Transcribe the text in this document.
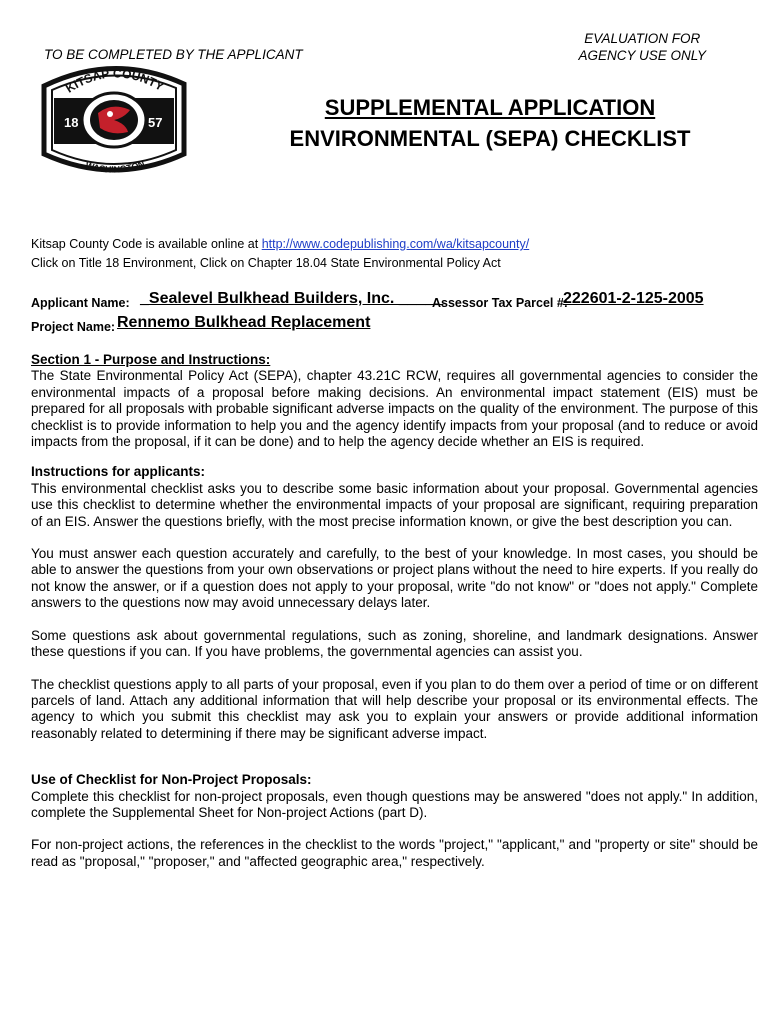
TO BE COMPLETED BY THE APPLICANT
EVALUATION FOR
AGENCY USE ONLY
18	57
KITSAP COUNTY
WASHINGTON
SUPPLEMENTAL APPLICATION
ENVIRONMENTAL (SEPA) CHECKLIST
Kitsap County Code is available online at http://www.codepublishing.com/wa/kitsapcounty/
Click on Title 18 Environment, Click on Chapter 18.04 State Environmental Policy Act
Applicant Name: _Sealevel Bulkhead Builders, Inc. _____
Assessor Tax Parcel #:
222601-2-125-2005
Project Name: Rennemo Bulkhead Replacement
Section 1 - Purpose and Instructions:
The State Environmental Policy Act (SEPA), chapter 43.21C RCW, requires all governmental agencies to consider the environmental impacts of a proposal before making decisions. An environmental impact statement (EIS) must be prepared for all proposals with probable significant adverse impacts on the quality of the environment. The purpose of this checklist is to provide information to help you and the agency identify impacts from your proposal (and to reduce or avoid impacts from the proposal, if it can be done) and to help the agency decide whether an EIS is required.
Instructions for applicants:
This environmental checklist asks you to describe some basic information about your proposal. Governmental agencies use this checklist to determine whether the environmental impacts of your proposal are significant, requiring preparation of an EIS. Answer the questions briefly, with the most precise information known, or give the best description you can.
You must answer each question accurately and carefully, to the best of your knowledge. In most cases, you should be able to answer the questions from your own observations or project plans without the need to hire experts. If you really do not know the answer, or if a question does not apply to your proposal, write "do not know" or "does not apply." Complete answers to the questions now may avoid unnecessary delays later.
Some questions ask about governmental regulations, such as zoning, shoreline, and landmark designations. Answer these questions if you can. If you have problems, the governmental agencies can assist you.
The checklist questions apply to all parts of your proposal, even if you plan to do them over a period of time or on different parcels of land. Attach any additional information that will help describe your proposal or its environmental effects. The agency to which you submit this checklist may ask you to explain your answers or provide additional information reasonably related to determining if there may be significant adverse impact.
Use of Checklist for Non-Project Proposals:
Complete this checklist for non-project proposals, even though questions may be answered "does not apply." In addition, complete the Supplemental Sheet for Non-project Actions (part D).
For non-project actions, the references in the checklist to the words "project," "applicant," and "property or site" should be read as "proposal," "proposer," and "affected geographic area," respectively.
